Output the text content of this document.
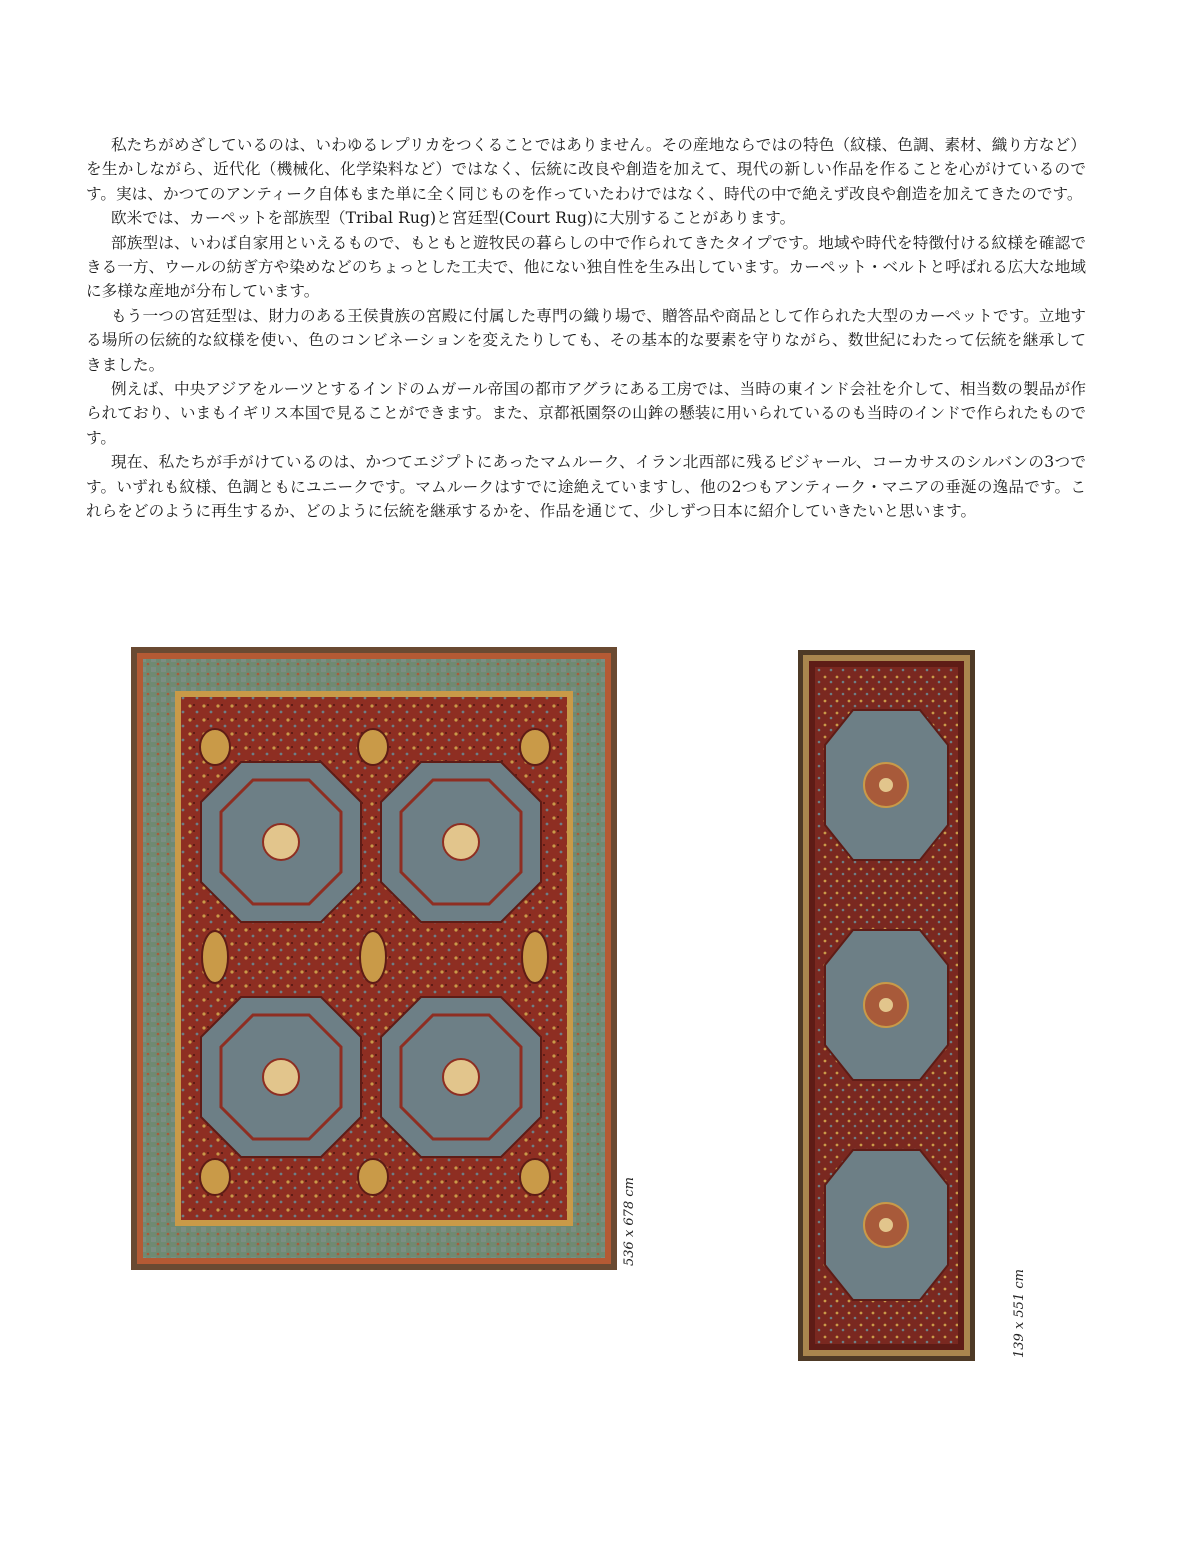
私たちがめざしているのは、いわゆるレプリカをつくることではありません。その産地ならではの特色（紋様、色調、素材、織り方など）を生かしながら、近代化（機械化、化学染料など）ではなく、伝統に改良や創造を加えて、現代の新しい作品を作ることを心がけているのです。実は、かつてのアンティーク自体もまた単に全く同じものを作っていたわけではなく、時代の中で絶えず改良や創造を加えてきたのです。

欧米では、カーペットを部族型（Tribal Rug)と宮廷型(Court Rug)に大別することがあります。

部族型は、いわば自家用といえるもので、もともと遊牧民の暮らしの中で作られてきたタイプです。地域や時代を特徴付ける紋様を確認できる一方、ウールの紡ぎ方や染めなどのちょっとした工夫で、他にない独自性を生み出しています。カーペット・ベルトと呼ばれる広大な地域に多様な産地が分布しています。

もう一つの宮廷型は、財力のある王侯貴族の宮殿に付属した専門の織り場で、贈答品や商品として作られた大型のカーペットです。立地する場所の伝統的な紋様を使い、色のコンビネーションを変えたりしても、その基本的な要素を守りながら、数世紀にわたって伝統を継承してきました。

例えば、中央アジアをルーツとするインドのムガール帝国の都市アグラにある工房では、当時の東インド会社を介して、相当数の製品が作られており、いまもイギリス本国で見ることができます。また、京都祇園祭の山鉾の懸装に用いられているのも当時のインドで作られたものです。

現在、私たちが手がけているのは、かつてエジプトにあったマムルーク、イラン北西部に残るビジャール、コーカサスのシルバンの3つです。いずれも紋様、色調ともにユニークです。マムルークはすでに途絶えていますし、他の2つもアンティーク・マニアの垂涎の逸品です。これらをどのように再生するか、どのように伝統を継承するかを、作品を通じて、少しずつ日本に紹介していきたいと思います。

536 x 678 cm
139 x 551 cm
